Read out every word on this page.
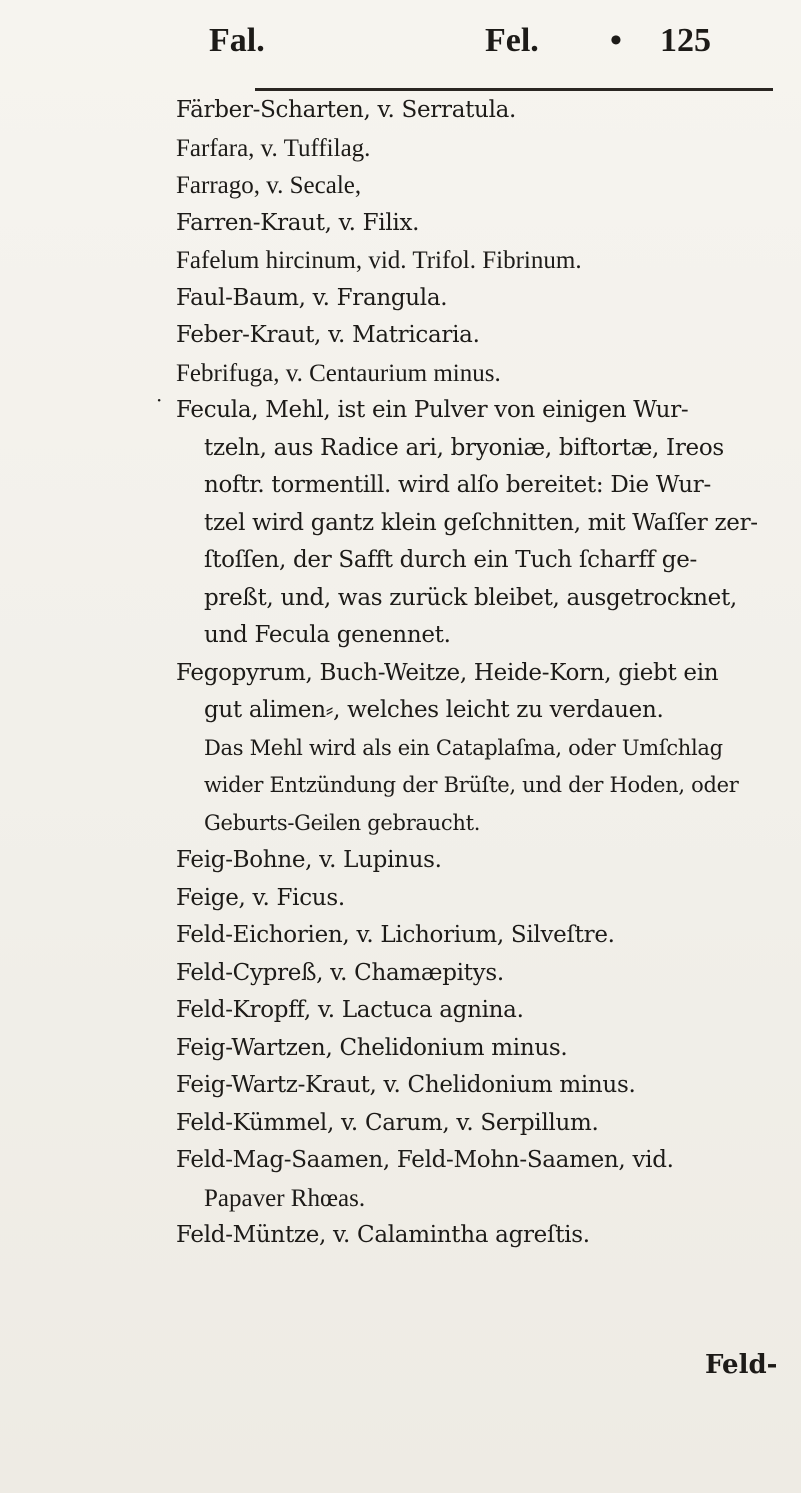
Fal.	Fel. • 125
·

Färber-Scharten, v. Serratula.

Farfara, v. Tuffilag.

Farrago, v. Secale,

Farren-Kraut, v. Filix.

Fafelum hircinum, vid. Trifol. Fibrinum.

Faul-Baum, v. Frangula.

Feber-Kraut, v. Matricaria.

Febrifuga, v. Centaurium minus.

Fecula, Mehl, ist ein Pulver von einigen Wur-

tzeln, aus Radice ari, bryoniæ, biftortæ, Ireos

noftr. tormentill. wird alſo bereitet: Die Wur-

tzel wird gantz klein geſchnitten, mit Waſſer zer-

ſtoſſen, der Safft durch ein Tuch ſcharff ge-

preßt, und, was zurück bleibet, ausgetrocknet,

und Fecula genennet.

Fegopyrum, Buch-Weitze, Heide-Korn, giebt ein

gut alimen⸗, welches leicht zu verdauen.

Das Mehl wird als ein Cataplaſma, oder Umſchlag

wider Entzündung der Brüſte, und der Hoden, oder

Geburts-Geilen gebraucht.

Feig-Bohne, v. Lupinus.

Feige, v. Ficus.

Feld-Eichorien, v. Lichorium, Silveſtre.

Feld-Cypreß, v. Chamæpitys.

Feld-Kropff, v. Lactuca agnina.

Feig-Wartzen, Chelidonium minus.

Feig-Wartz-Kraut, v. Chelidonium minus.

Feld-Kümmel, v. Carum, v. Serpillum.

Feld-Mag-Saamen, Feld-Mohn-Saamen, vid.

Papaver Rhœas.

Feld-Müntze, v. Calamintha agreſtis.

Feld-
